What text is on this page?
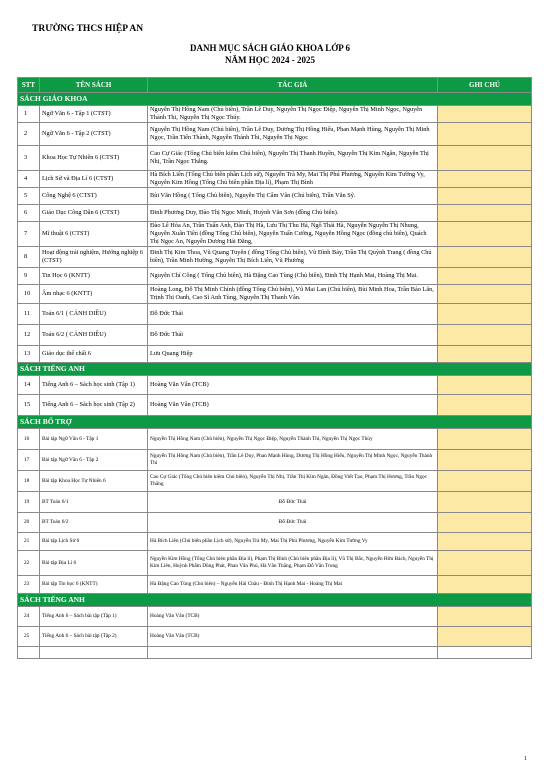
TRƯỜNG THCS HIỆP AN
DANH MỤC SÁCH GIÁO KHOA LỚP 6
NĂM HỌC 2024 - 2025
STT	TÊN SÁCH	TÁC GIẢ	GHI CHÚ
SÁCH GIÁO KHOA			
1	Ngữ Văn 6 - Tập 1 (CTST)	Nguyễn Thị Hồng Nam (Chủ biên), Trần Lê Duy, Nguyễn Thị Ngọc Điệp, Nguyễn Thị Minh Ngọc, Nguyễn Thành Thi, Nguyễn Thị Ngọc Thúy.	
2	Ngữ Văn 6 - Tập 2 (CTST)	Nguyễn Thị Hồng Nam (Chủ biên), Trần Lê Duy, Dương Thị Hồng Hiếu, Phan Mạnh Hùng, Nguyễn Thị Minh Ngọc, Trần Tiến Thành, Nguyễn Thành Thi, Nguyễn Thị Ngọc	
3	Khoa Học Tự Nhiên 6 (CTST)	Cao Cự Giác (Tổng Chủ biên kiêm Chủ biên), Nguyễn Thị Thanh Huyền, Nguyễn Thị Kim Ngân, Nguyễn Thị Nhị, Trần Ngọc Thắng.	
4	Lịch Sử và Địa Lí 6 (CTST)	Hà Bích Liên (Tổng Chủ biên phần Lịch sử), Nguyễn Trà My, Mai Thị Phú Phương, Nguyễn Kim Tường Vy, Nguyễn Kim Hồng (Tổng Chủ biên phần Địa lí), Phạm Thị Bình	
5	Công Nghệ 6 (CTST)	Bùi Văn Hồng ( Tổng Chủ biên), Nguyễn Thị Cẩm Vân (Chủ biên), Trần Văn Sỹ.	
6	Giáo Dục Công Dân 6 (CTST)	Đinh Phương Duy, Đào Thị Ngọc Minh, Huỳnh Văn Sơn (đồng Chủ biên).	
7	Mĩ thuật 6 (CTST)	Đào Lê Hòa An, Trần Tuấn Anh, Đào Thị Hà, Lưu Thị Thu Hà, Ngô Thái Hà, Nguyễn Nguyễn Thị Nhung, Nguyễn Xuân Tiên (đồng Tổng Chủ biên), Nguyễn Tuấn Cường, Nguyễn Hồng Ngọc (đồng chủ biên), Quách Thị Ngọc An, Nguyễn Dương Hải Đăng,	
8	Hoạt động trải nghiệm, Hướng nghiệp 6 (CTST)	Đinh Thị Kim Thoa, Vũ Quang Tuyên ( đồng Tổng Chủ biên), Vũ Đình Bảy, Trần Thị Quỳnh Trang ( đồng Chủ biên), Trần Minh Hường, Nguyễn Thị Bích Liên, Vũ Phương	
9	Tin Học 6 (KNTT)	Nguyễn Chí Công ( Tổng Chủ biên), Hà Đặng Cao Tùng (Chủ biên), Đinh Thị Hạnh Mai, Hoàng Thị Mai.	
10	Âm nhạc 6 (KNTT)	Hoàng Long, Đỗ Thị Minh Chính (đồng Tổng Chủ biên), Vũ Mai Lan (Chủ biên), Bùi Minh Hoa, Trần Bảo Lân, Trịnh Thị Oanh, Cao Sĩ Anh Tùng, Nguyễn Thị Thanh Vân.	
11	Toán 6/1 ( CÁNH DIỀU)	Đỗ Đức Thái	
12	Toán 6/2 ( CÁNH DIỀU)	Đỗ Đức Thái	
13	Giáo dục thể chất 6	Lưu Quang Hiệp	
SÁCH TIẾNG ANH			
14	Tiếng Anh 6 – Sách học sinh (Tập 1)	Hoàng Văn Vân (TCB)	
15	Tiếng Anh 6 – Sách học sinh (Tập 2)	Hoàng Văn Vân (TCB)	
SÁCH BỔ TRỢ			
16	Bài tập Ngữ Văn 6 - Tập 1	Nguyễn Thị Hồng Nam (Chủ biên), Nguyễn Thị Ngọc Điệp, Nguyễn Thành Thi, Nguyễn Thị Ngọc Thúy	
17	Bài tập Ngữ Văn 6 - Tập 2	Nguyễn Thị Hồng Nam (Chủ biên), Trần Lê Duy, Phan Mạnh Hùng, Dương Thị Hồng Hiếu, Nguyễn Thị Minh Ngọc, Nguyễn Thành Thi	
18	Bài tập Khoa Học Tự Nhiên 6	Cao Cự Giác (Tổng Chủ biên kiêm Chủ biên), Nguyễn Thị Nhị, Trần Thị Kim Ngân, Đồng Viết Tạo, Phạm Thị Hương, Trần Ngọc Thắng	
19	BT Toán 6/1	Đỗ Đức Thái	
20	BT Toán 6/2	Đỗ Đức Thái	
21	Bài tập Lịch Sử 6	Hà Bích Liên (Chủ biên phần Lịch sử), Nguyễn Trà My, Mai Thị Phú Phương, Nguyễn Kim Tường Vy	
22	Bài tập Địa Lí 6	Nguyễn Kim Hồng (Tổng Chủ biên phần Địa lí), Phạm Thị Bình (Chủ biên phần Địa lí), Vũ Thị Bắc, Nguyễn Hữu Bách, Nguyễn Thị Kim Liên, Huỳnh Phẩm Dũng Phát, Phan Văn Phú, Hà Văn Thắng, Phạm Đỗ Văn Trung	
23	Bài tập Tin học 6 (KNTT)	Hà Đặng Cao Tùng (Chủ biên) – Nguyễn Hải Châu - Đinh Thị Hạnh Mai - Hoàng Thị Mai	
SÁCH TIẾNG ANH			
24	Tiếng Anh 6 – Sách bài tập (Tập 1)	Hoàng Văn Vân (TCB)	
25	Tiếng Anh 6 – Sách bài tập (Tập 2)	Hoàng Văn Vân (TCB)	

1
